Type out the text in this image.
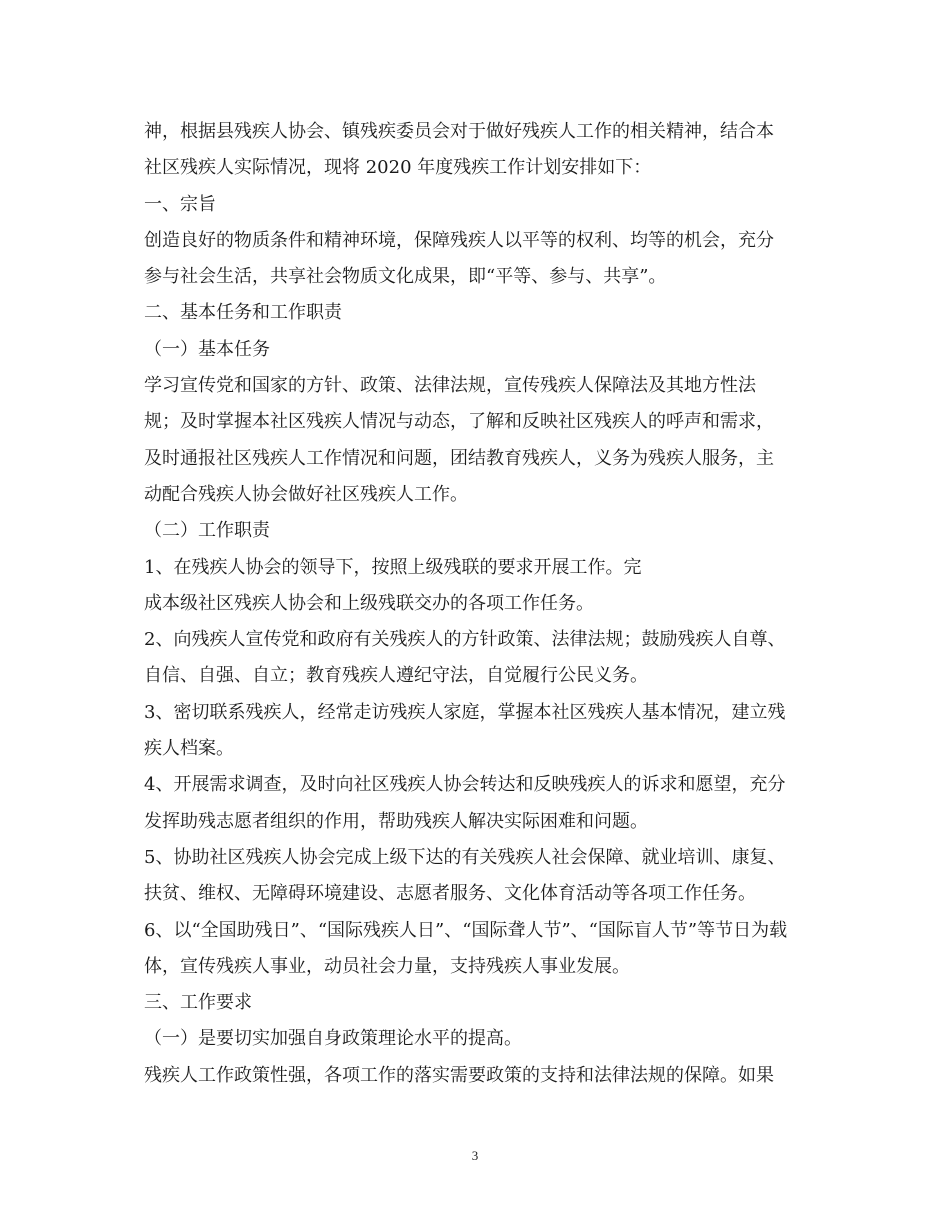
神，根据县残疾人协会、镇残疾委员会对于做好残疾人工作的相关精神，结合本
社区残疾人实际情况，现将 2020 年度残疾工作计划安排如下：
一、宗旨
创造良好的物质条件和精神环境，保障残疾人以平等的权利、均等的机会，充分
参与社会生活，共享社会物质文化成果，即“平等、参与、共享”。
二、基本任务和工作职责
（一）基本任务
学习宣传党和国家的方针、政策、法律法规，宣传残疾人保障法及其地方性法
规；及时掌握本社区残疾人情况与动态，了解和反映社区残疾人的呼声和需求，
及时通报社区残疾人工作情况和问题，团结教育残疾人，义务为残疾人服务，主
动配合残疾人协会做好社区残疾人工作。
（二）工作职责
1、在残疾人协会的领导下，按照上级残联的要求开展工作。完
成本级社区残疾人协会和上级残联交办的各项工作任务。
2、向残疾人宣传党和政府有关残疾人的方针政策、法律法规；鼓励残疾人自尊、
自信、自强、自立；教育残疾人遵纪守法，自觉履行公民义务。
3、密切联系残疾人，经常走访残疾人家庭，掌握本社区残疾人基本情况，建立残
疾人档案。
4、开展需求调查，及时向社区残疾人协会转达和反映残疾人的诉求和愿望，充分
发挥助残志愿者组织的作用，帮助残疾人解决实际困难和问题。
5、协助社区残疾人协会完成上级下达的有关残疾人社会保障、就业培训、康复、
扶贫、维权、无障碍环境建设、志愿者服务、文化体育活动等各项工作任务。
6、以“全国助残日”、“国际残疾人日”、“国际聋人节”、“国际盲人节”等节日为载
体，宣传残疾人事业，动员社会力量，支持残疾人事业发展。
三、工作要求
（一）是要切实加强自身政策理论水平的提高。
残疾人工作政策性强，各项工作的落实需要政策的支持和法律法规的保障。如果
3
